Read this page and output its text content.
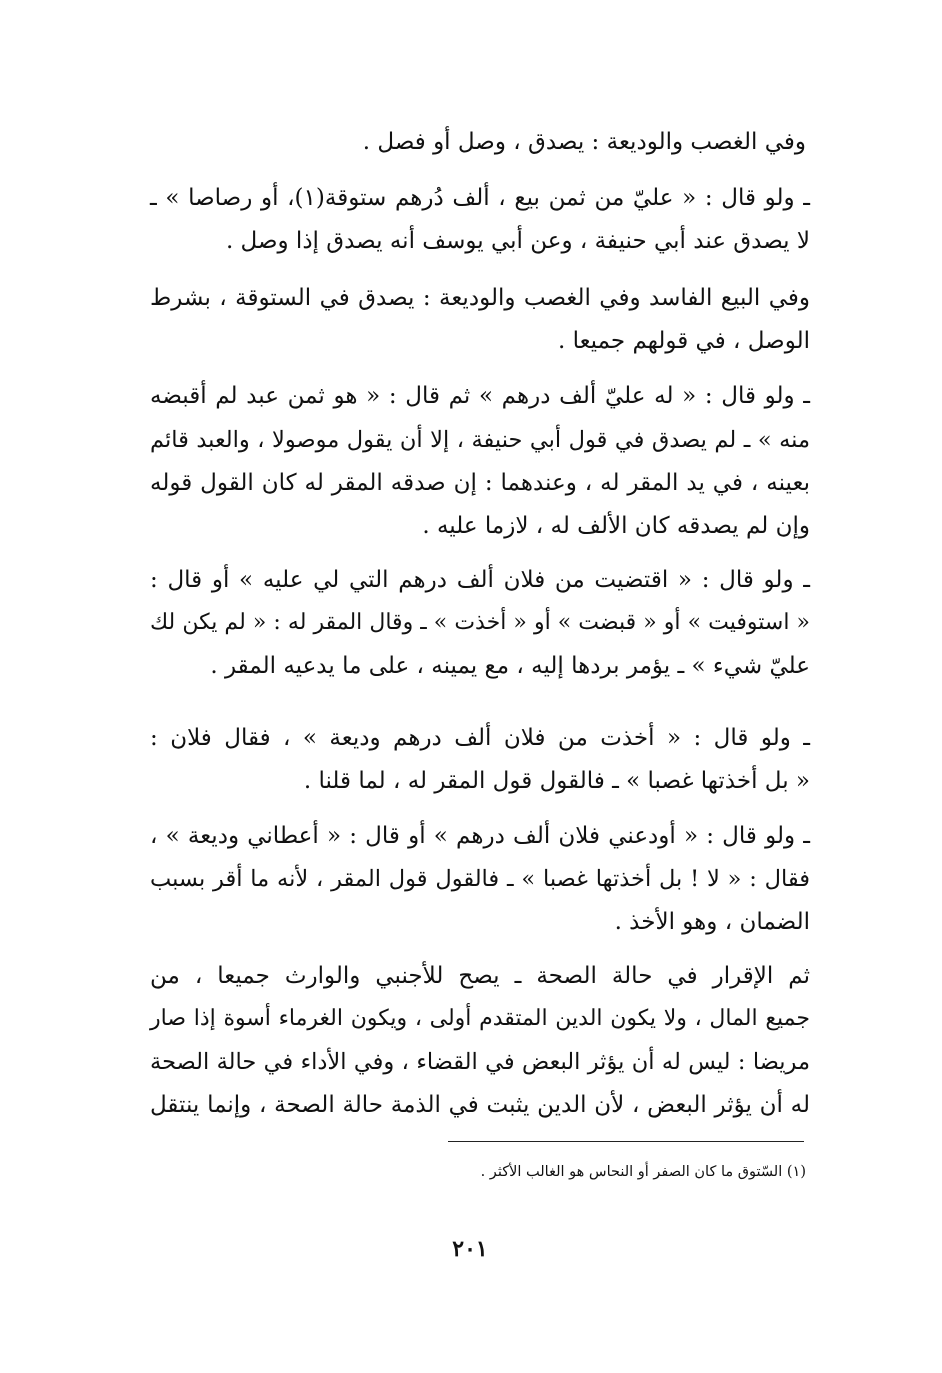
وفي الغصب والوديعة : يصدق ، وصل أو فصل .
ـ ولو قال : « عليّ من ثمن بيع ، ألف دُرهم ستوقة(١)، أو رصاصا » ـ
لا يصدق عند أبي حنيفة ، وعن أبي يوسف أنه يصدق إذا وصل .
وفي البيع الفاسد وفي الغصب والوديعة : يصدق في الستوقة ، بشرط
الوصل ، في قولهم جميعا .
ـ ولو قال : « له عليّ ألف درهم » ثم قال : « هو ثمن عبد لم أقبضه
منه » ـ لم يصدق في قول أبي حنيفة ، إلا أن يقول موصولا ، والعبد قائم
بعينه ، في يد المقر له ، وعندهما : إن صدقه المقر له كان القول قوله
وإن لم يصدقه كان الألف له ، لازما عليه .
ـ ولو قال : « اقتضيت من فلان ألف درهم التي لي عليه » أو قال :
« استوفيت » أو « قبضت » أو « أخذت » ـ وقال المقر له : « لم يكن لك
عليّ شيء » ـ يؤمر بردها إليه ، مع يمينه ، على ما يدعيه المقر .
ـ ولو قال : « أخذت من فلان ألف درهم وديعة » ، فقال فلان :
« بل أخذتها غصبا » ـ فالقول قول المقر له ، لما قلنا .
ـ ولو قال : « أودعني فلان ألف درهم » أو قال : « أعطاني وديعة » ،
فقال : « لا ! بل أخذتها غصبا » ـ فالقول قول المقر ، لأنه ما أقر بسبب
الضمان ، وهو الأخذ .
ثم الإقرار في حالة الصحة ـ يصح للأجنبي والوارث جميعا ، من
جميع المال ، ولا يكون الدين المتقدم أولى ، ويكون الغرماء أسوة إذا صار
مريضا : ليس له أن يؤثر البعض في القضاء ، وفي الأداء في حالة الصحة
له أن يؤثر البعض ، لأن الدين يثبت في الذمة حالة الصحة ، وإنما ينتقل
(١) السّتوق ما كان الصفر أو النحاس هو الغالب الأكثر .
٢٠١
